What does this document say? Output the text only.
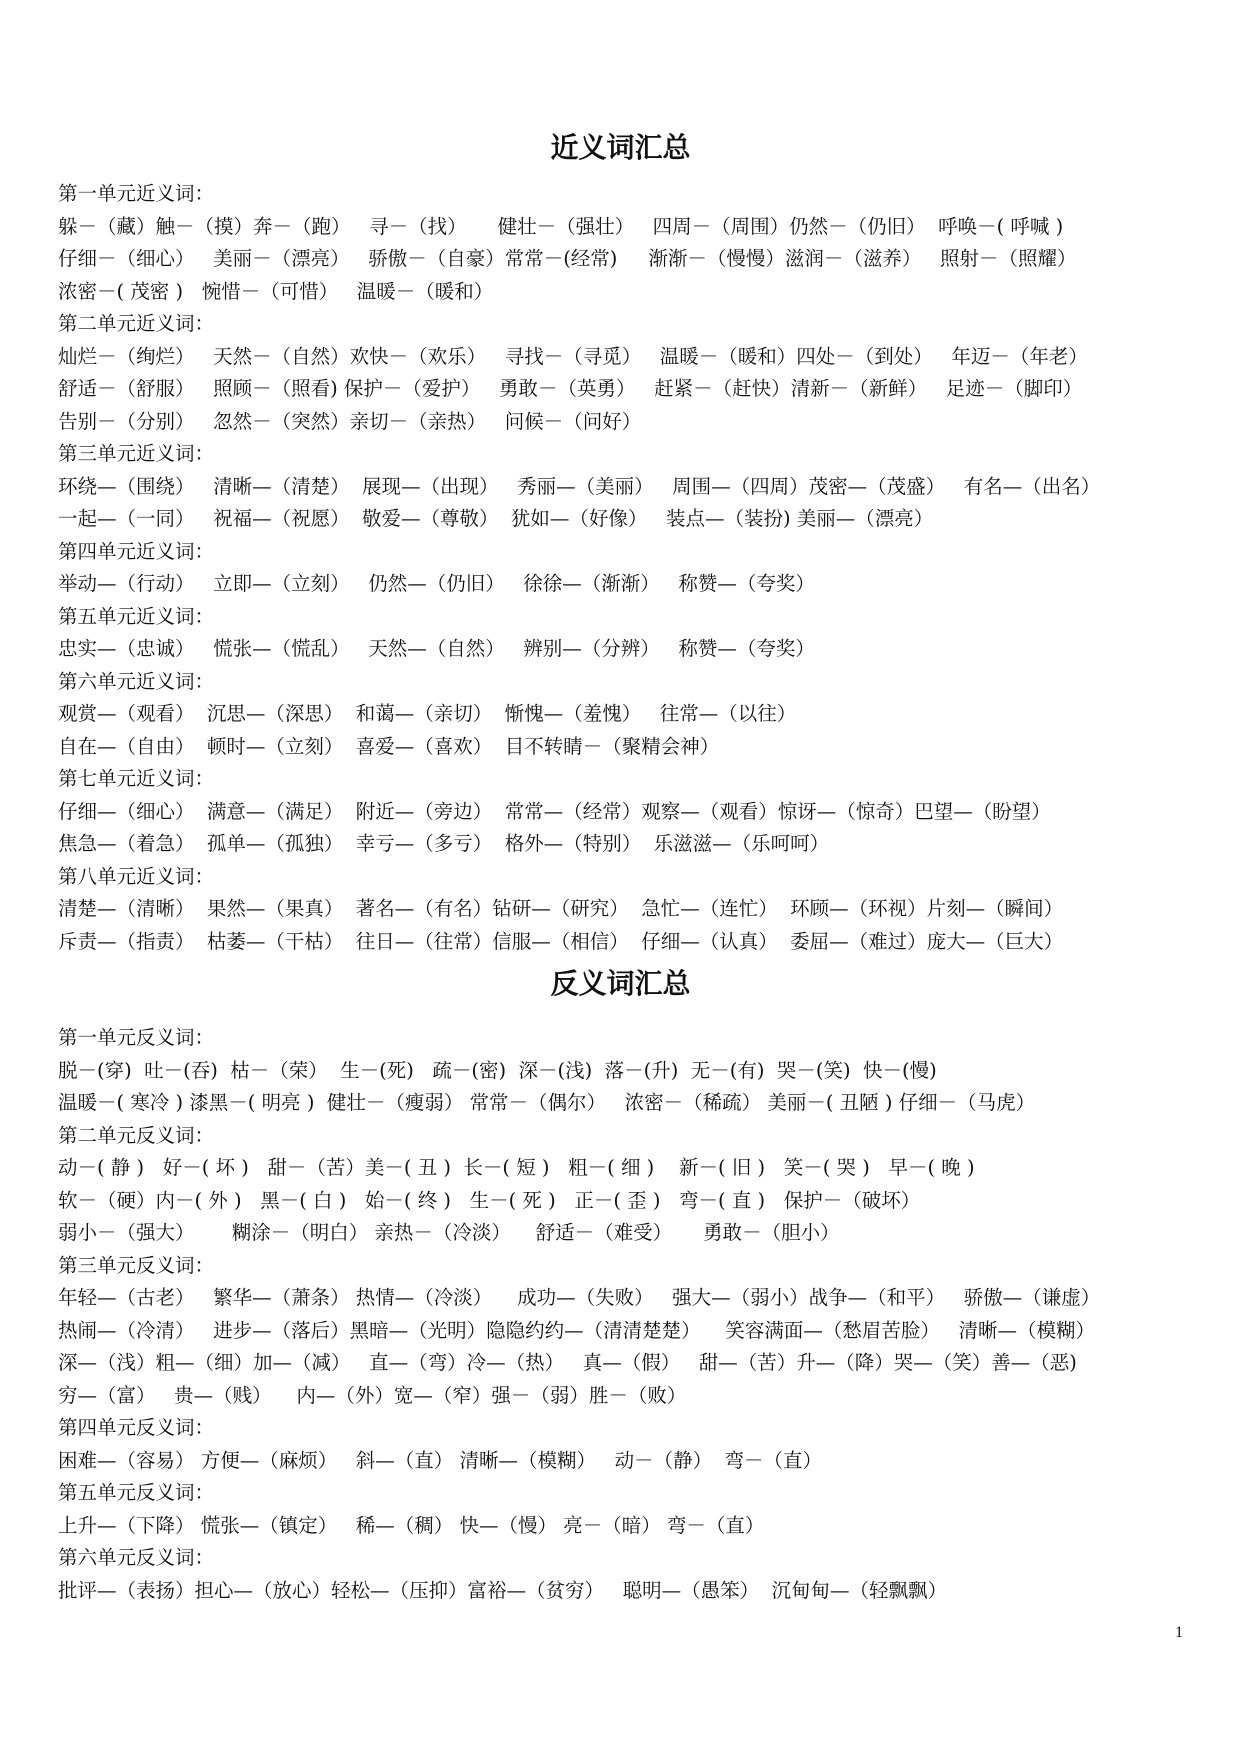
近义词汇总
第一单元近义词：
躲－（藏）触－（摸）奔－（跑）   寻－（找）     健壮－（强壮）   四周－（周围）仍然－（仍旧）  呼唤－( 呼喊 )
仔细－（细心）   美丽－（漂亮）   骄傲－（自豪）常常－(经常)     渐渐－（慢慢）滋润－（滋养）   照射－（照耀）
浓密－( 茂密 )   惋惜－（可惜）   温暖－（暖和）
第二单元近义词：
灿烂－（绚烂）   天然－（自然）欢快－（欢乐）   寻找－（寻觅）   温暖－（暖和）四处－（到处）   年迈－（年老）
舒适－（舒服）   照顾－（照看) 保护－（爱护）   勇敢－（英勇）   赶紧－（赶快）清新－（新鲜）   足迹－（脚印）
告别－（分别）   忽然－（突然）亲切－（亲热）   问候－（问好）
第三单元近义词：
环绕—（围绕）   清晰—（清楚）  展现—（出现）   秀丽—（美丽）   周围—（四周）茂密—（茂盛）   有名—（出名）
一起—（一同）   祝福—（祝愿）  敬爱—（尊敬）  犹如—（好像）   装点—（装扮) 美丽—（漂亮）
第四单元近义词：
举动—（行动）   立即—（立刻）   仍然—（仍旧）   徐徐—（渐渐）   称赞—（夸奖）
第五单元近义词：
忠实—（忠诚）   慌张—（慌乱）   天然—（自然）   辨别—（分辨）   称赞—（夸奖）
第六单元近义词：
观赏—（观看）  沉思—（深思）  和蔼—（亲切）  惭愧—（羞愧）   往常—（以往）
自在—（自由）  顿时—（立刻）  喜爱—（喜欢）  目不转睛－（聚精会神）
第七单元近义词：
仔细—（细心）  满意—（满足）  附近—（旁边）  常常—（经常）观察—（观看）惊讶—（惊奇）巴望—（盼望）
焦急—（着急）  孤单—（孤独）  幸亏—（多亏）  格外—（特别）  乐滋滋—（乐呵呵）
第八单元近义词：
清楚—（清晰）  果然—（果真）  著名—（有名）钻研—（研究）  急忙—（连忙）  环顾—（环视）片刻—（瞬间）
斥责—（指责）  枯萎—（干枯）  往日—（往常）信服—（相信）  仔细—（认真）  委屈—（难过）庞大—（巨大）
反义词汇总
第一单元反义词：
脱－(穿)  吐－(吞)  枯－（荣）  生－(死)   疏－(密)  深－(浅)  落－(升)  无－(有)  哭－(笑)  快－(慢)
温暖－( 寒冷 ) 漆黑－( 明亮 )  健壮－（瘦弱） 常常－（偶尔）   浓密－（稀疏） 美丽－( 丑陋 ) 仔细－（马虎）
第二单元反义词：
动－( 静 )   好－( 坏 )   甜－（苦）美－( 丑 )  长－( 短 )   粗－( 细 )    新－( 旧 )   笑－( 哭 )   早－( 晚 )
软－（硬）内－( 外 )   黑－( 白 )   始－( 终 )   生－( 死 )   正－( 歪 )   弯－( 直 )   保护－（破坏）
弱小－（强大）      糊涂－（明白） 亲热－（冷淡）    舒适－（难受）     勇敢－（胆小）
第三单元反义词：
年轻—（古老）   繁华—（萧条） 热情—（冷淡）    成功—（失败）   强大—（弱小）战争—（和平）   骄傲—（谦虚）
热闹—（冷清）   进步—（落后）黑暗—（光明）隐隐约约—（清清楚楚）    笑容满面—（愁眉苦脸）   清晰—（模糊）
深—（浅）粗—（细）加—（减）   直—（弯）冷—（热）   真—（假）   甜—（苦）升—（降）哭—（笑）善—（恶)
穷—（富）   贵—（贱）    内—（外）宽—（窄）强－（弱）胜－（败）
第四单元反义词：
困难—（容易） 方便—（麻烦）   斜—（直） 清晰—（模糊）   动－（静）  弯－（直）
第五单元反义词：
上升—（下降） 慌张—（镇定）   稀—（稠） 快—（慢） 亮－（暗） 弯－（直）
第六单元反义词：
批评—（表扬）担心—（放心）轻松—（压抑）富裕—（贫穷）   聪明—（愚笨）  沉甸甸—（轻飘飘）
1
